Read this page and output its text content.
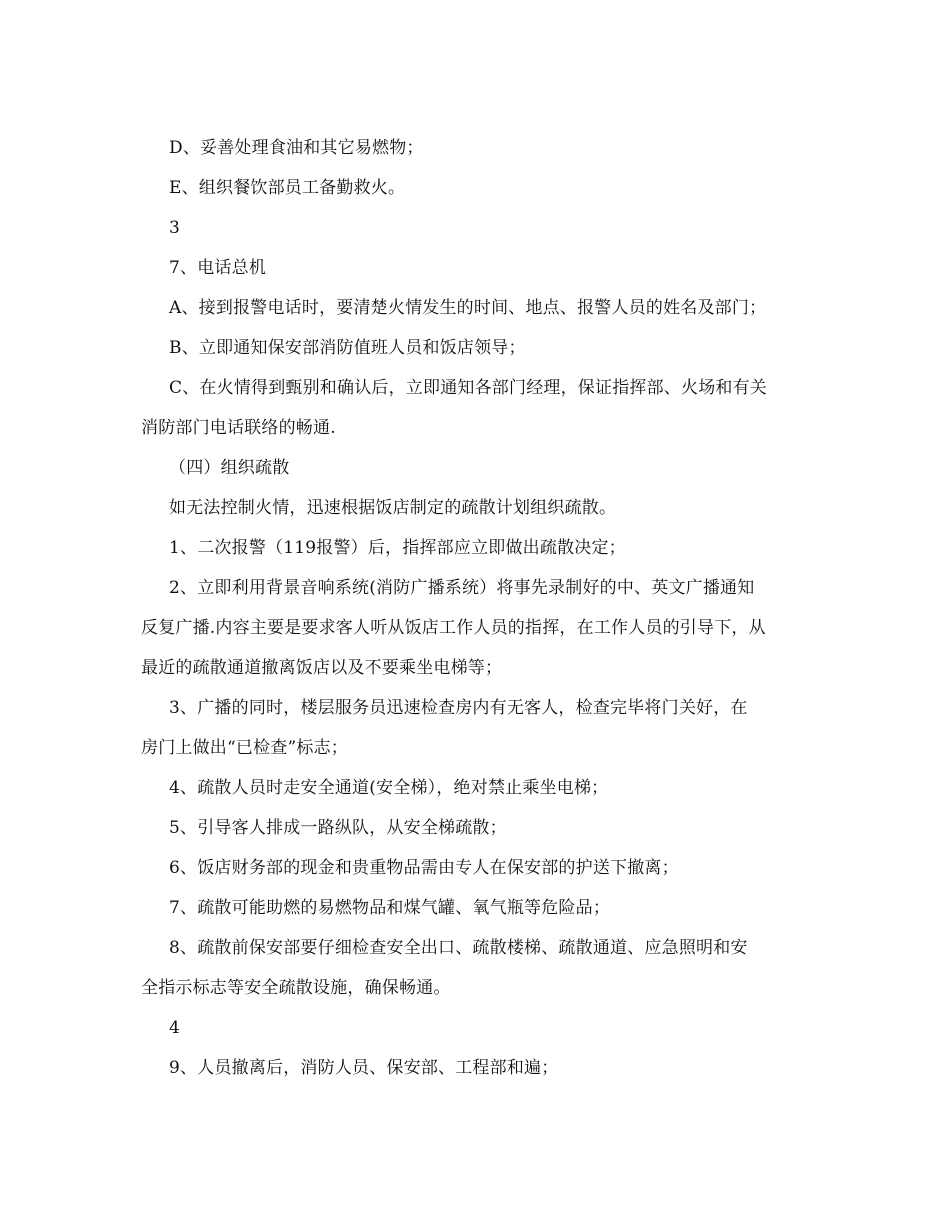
D、妥善处理食油和其它易燃物；
E、组织餐饮部员工备勤救火。
3
7、电话总机
A、接到报警电话时，要清楚火情发生的时间、地点、报警人员的姓名及部门；
B、立即通知保安部消防值班人员和饭店领导；
C、在火情得到甄别和确认后，立即通知各部门经理，保证指挥部、火场和有关
消防部门电话联络的畅通.
（四）组织疏散
如无法控制火情，迅速根据饭店制定的疏散计划组织疏散。
1、二次报警（119报警）后，指挥部应立即做出疏散决定；
2、立即利用背景音响系统(消防广播系统）将事先录制好的中、英文广播通知
反复广播.内容主要是要求客人听从饭店工作人员的指挥，在工作人员的引导下，从
最近的疏散通道撤离饭店以及不要乘坐电梯等；
3、广播的同时，楼层服务员迅速检查房内有无客人，检查完毕将门关好，在
房门上做出“已检查”标志；
4、疏散人员时走安全通道(安全梯），绝对禁止乘坐电梯；
5、引导客人排成一路纵队，从安全梯疏散；
6、饭店财务部的现金和贵重物品需由专人在保安部的护送下撤离；
7、疏散可能助燃的易燃物品和煤气罐、氧气瓶等危险品；
8、疏散前保安部要仔细检查安全出口、疏散楼梯、疏散通道、应急照明和安
全指示标志等安全疏散设施，确保畅通。
4
9、人员撤离后，消防人员、保安部、工程部和遍；
